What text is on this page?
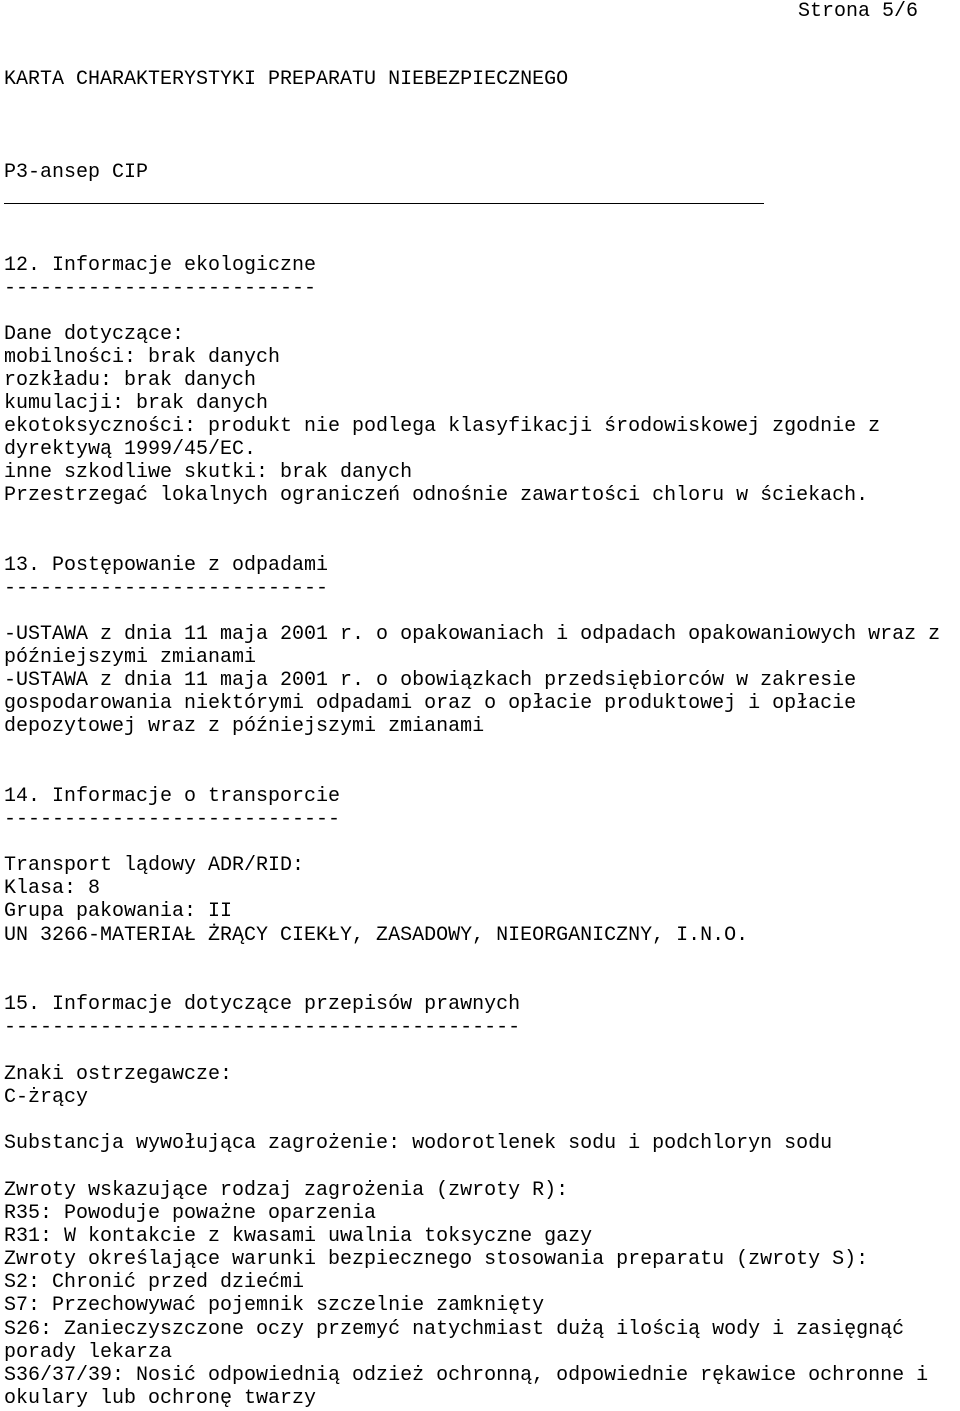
Strona 5/6
KARTA CHARAKTERYSTYKI PREPARATU NIEBEZPIECZNEGO
P3-ansep CIP
12. Informacje ekologiczne
--------------------------
Dane dotyczące:
mobilności: brak danych
rozkładu: brak danych
kumulacji: brak danych
ekotoksyczności: produkt nie podlega klasyfikacji środowiskowej zgodnie z
dyrektywą 1999/45/EC.
inne szkodliwe skutki: brak danych
Przestrzegać lokalnych ograniczeń odnośnie zawartości chloru w ściekach.
13. Postępowanie z odpadami
---------------------------
-USTAWA z dnia 11 maja 2001 r. o opakowaniach i odpadach opakowaniowych wraz z
późniejszymi zmianami
-USTAWA z dnia 11 maja 2001 r. o obowiązkach przedsiębiorców w zakresie
gospodarowania niektórymi odpadami oraz o opłacie produktowej i opłacie
depozytowej wraz z późniejszymi zmianami
14. Informacje o transporcie
----------------------------
Transport lądowy ADR/RID:
Klasa: 8
Grupa pakowania: II
UN 3266-MATERIAŁ ŻRĄCY CIEKŁY, ZASADOWY, NIEORGANICZNY, I.N.O.
15. Informacje dotyczące przepisów prawnych
-------------------------------------------
Znaki ostrzegawcze:
C-żrący
Substancja wywołująca zagrożenie: wodorotlenek sodu i podchloryn sodu
Zwroty wskazujące rodzaj zagrożenia (zwroty R):
R35: Powoduje poważne oparzenia
R31: W kontakcie z kwasami uwalnia toksyczne gazy
Zwroty określające warunki bezpiecznego stosowania preparatu (zwroty S):
S2: Chronić przed dziećmi
S7: Przechowywać pojemnik szczelnie zamknięty
S26: Zanieczyszczone oczy przemyć natychmiast dużą ilością wody i zasięgnąć
porady lekarza
S36/37/39: Nosić odpowiednią odzież ochronną, odpowiednie rękawice ochronne i
okulary lub ochronę twarzy
